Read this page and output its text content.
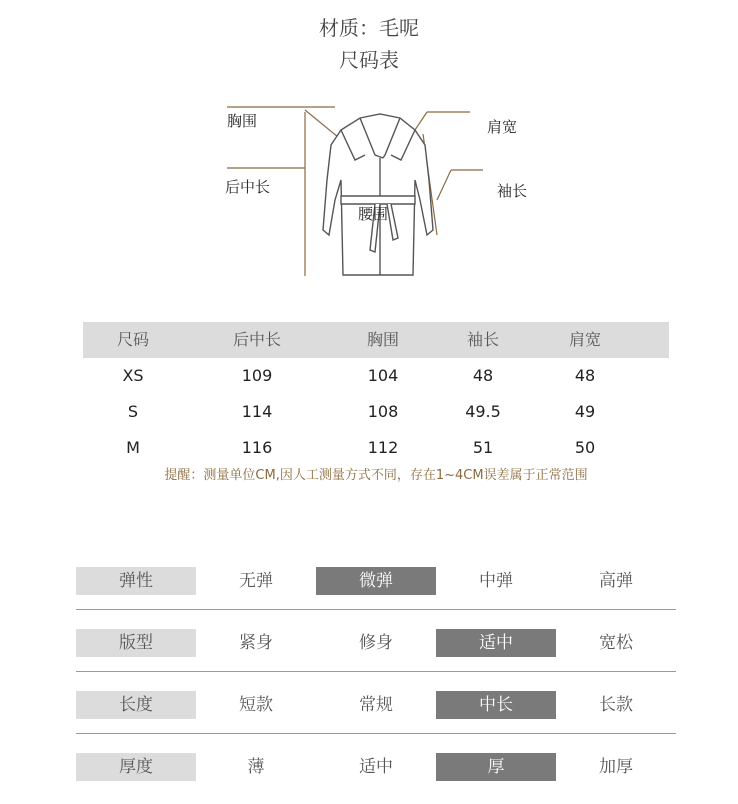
材质：毛呢
尺码表
胸围	肩宽
后中长	袖长
腰围
尺码	后中长	胸围	袖长	肩宽
XS	109	104	48	48
S	114	108	49.5	49
M	116	112	51	50
提醒：测量单位CM,因人工测量方式不同，存在1~4CM误差属于正常范围
弹性	无弹	微弹	中弹	高弹
版型	紧身	修身	适中	宽松
长度	短款	常规	中长	长款
厚度	薄	适中	厚	加厚
